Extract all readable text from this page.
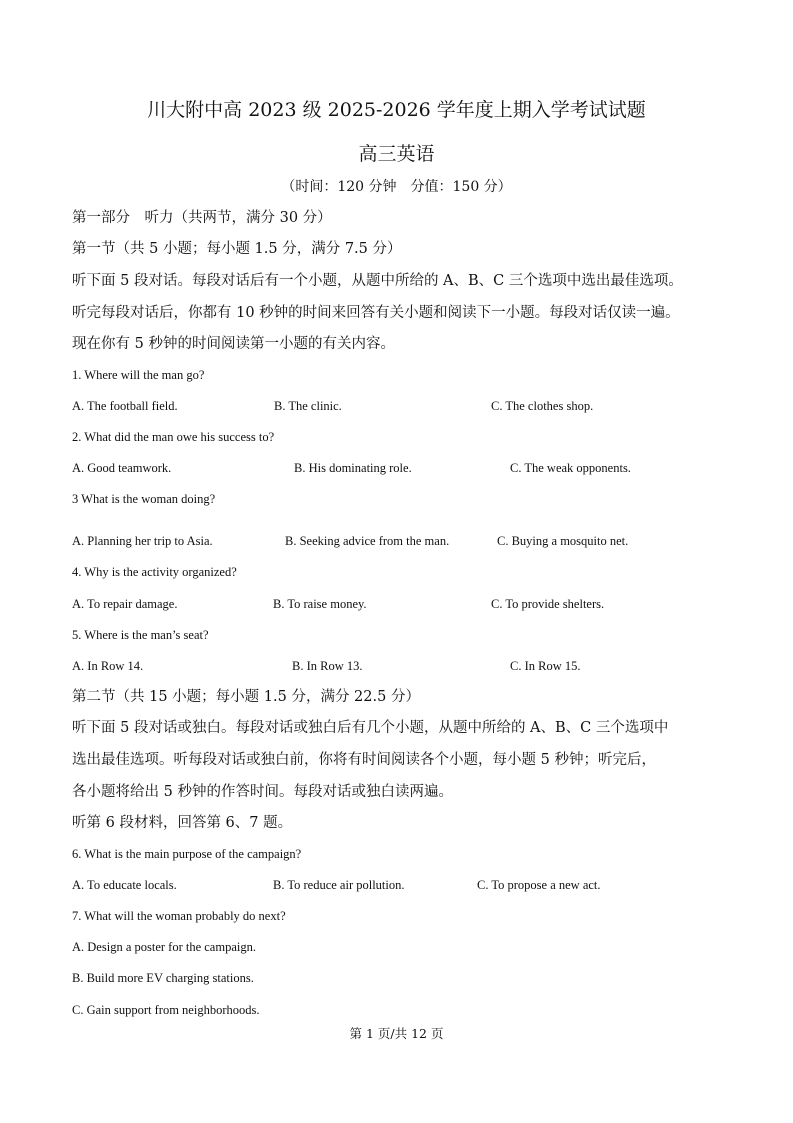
川大附中高 2023 级 2025-2026 学年度上期入学考试试题
高三英语
（时间：120 分钟　分值：150 分）
第一部分　听力（共两节，满分 30 分）
第一节（共 5 小题；每小题 1.5 分，满分 7.5 分）
听下面 5 段对话。每段对话后有一个小题，从题中所给的 A、B、C 三个选项中选出最佳选项。
听完每段对话后，你都有 10 秒钟的时间来回答有关小题和阅读下一小题。每段对话仅读一遍。
现在你有 5 秒钟的时间阅读第一小题的有关内容。
1. Where will the man go?
A. The football field.	B. The clinic.	C. The clothes shop.
2. What did the man owe his success to?
A. Good teamwork.	B. His dominating role.	C. The weak opponents.
3 What is the woman doing?
A. Planning her trip to Asia.	B. Seeking advice from the man.	C. Buying a mosquito net.
4. Why is the activity organized?
A. To repair damage.	B. To raise money.	C. To provide shelters.
5. Where is the man’s seat?
A. In Row 14.	B. In Row 13.	C. In Row 15.
第二节（共 15 小题；每小题 1.5 分，满分 22.5 分）
听下面 5 段对话或独白。每段对话或独白后有几个小题，从题中所给的 A、B、C 三个选项中
选出最佳选项。听每段对话或独白前，你将有时间阅读各个小题，每小题 5 秒钟；听完后，
各小题将给出 5 秒钟的作答时间。每段对话或独白读两遍。
听第 6 段材料，回答第 6、7 题。
6. What is the main purpose of the campaign?
A. To educate locals.	B. To reduce air pollution.	C. To propose a new act.
7. What will the woman probably do next?
A. Design a poster for the campaign.
B. Build more EV charging stations.
C. Gain support from neighborhoods.
第 1 页/共 12 页
